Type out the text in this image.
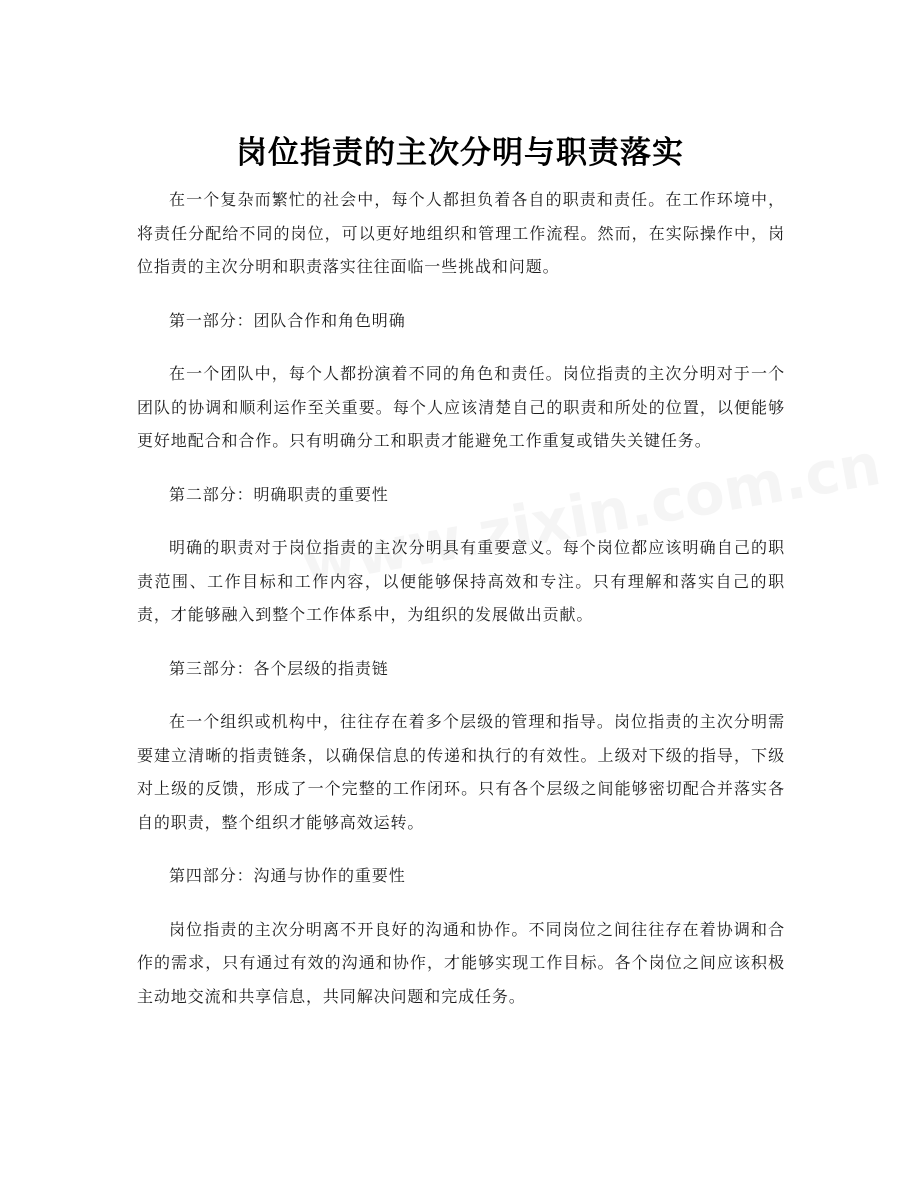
岗位指责的主次分明与职责落实

在一个复杂而繁忙的社会中，每个人都担负着各自的职责和责任。在工作环境中，将责任分配给不同的岗位，可以更好地组织和管理工作流程。然而，在实际操作中，岗位指责的主次分明和职责落实往往面临一些挑战和问题。

第一部分：团队合作和角色明确

在一个团队中，每个人都扮演着不同的角色和责任。岗位指责的主次分明对于一个团队的协调和顺利运作至关重要。每个人应该清楚自己的职责和所处的位置，以便能够更好地配合和合作。只有明确分工和职责才能避免工作重复或错失关键任务。

第二部分：明确职责的重要性

明确的职责对于岗位指责的主次分明具有重要意义。每个岗位都应该明确自己的职责范围、工作目标和工作内容，以便能够保持高效和专注。只有理解和落实自己的职责，才能够融入到整个工作体系中，为组织的发展做出贡献。

第三部分：各个层级的指责链

在一个组织或机构中，往往存在着多个层级的管理和指导。岗位指责的主次分明需要建立清晰的指责链条，以确保信息的传递和执行的有效性。上级对下级的指导，下级对上级的反馈，形成了一个完整的工作闭环。只有各个层级之间能够密切配合并落实各自的职责，整个组织才能够高效运转。

第四部分：沟通与协作的重要性

岗位指责的主次分明离不开良好的沟通和协作。不同岗位之间往往存在着协调和合作的需求，只有通过有效的沟通和协作，才能够实现工作目标。各个岗位之间应该积极主动地交流和共享信息，共同解决问题和完成任务。
